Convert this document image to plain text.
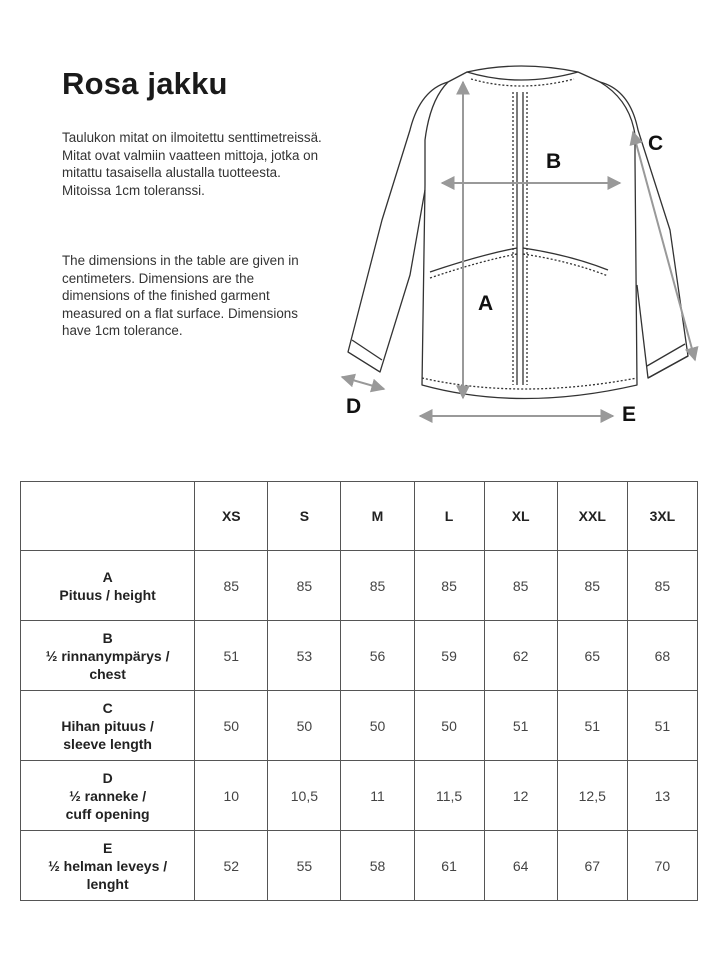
Rosa jakku

Taulukon mitat on ilmoitettu senttimetreissä. Mitat ovat valmiin vaatteen mittoja, jotka on mitattu tasaisella alustalla tuotteesta. Mitoissa 1cm toleranssi.

The dimensions in the table are given in centimeters. Dimensions are the dimensions of the finished garment measured on a flat surface. Dimensions have 1cm tolerance.

A
B
C
D	E
	XS	S	M	L	XL	XXL	3XL

A
Pituus / height	85	85	85	85	85	85	85

B
½ rinnanympärys /
chest	51	53	56	59	62	65	68

C
Hihan pituus /
sleeve length	50	50	50	50	51	51	51

D
½ ranneke /
cuff opening	10	10,5	11	11,5	12	12,5	13

E
½ helman leveys /
lenght	52	55	58	61	64	67	70
